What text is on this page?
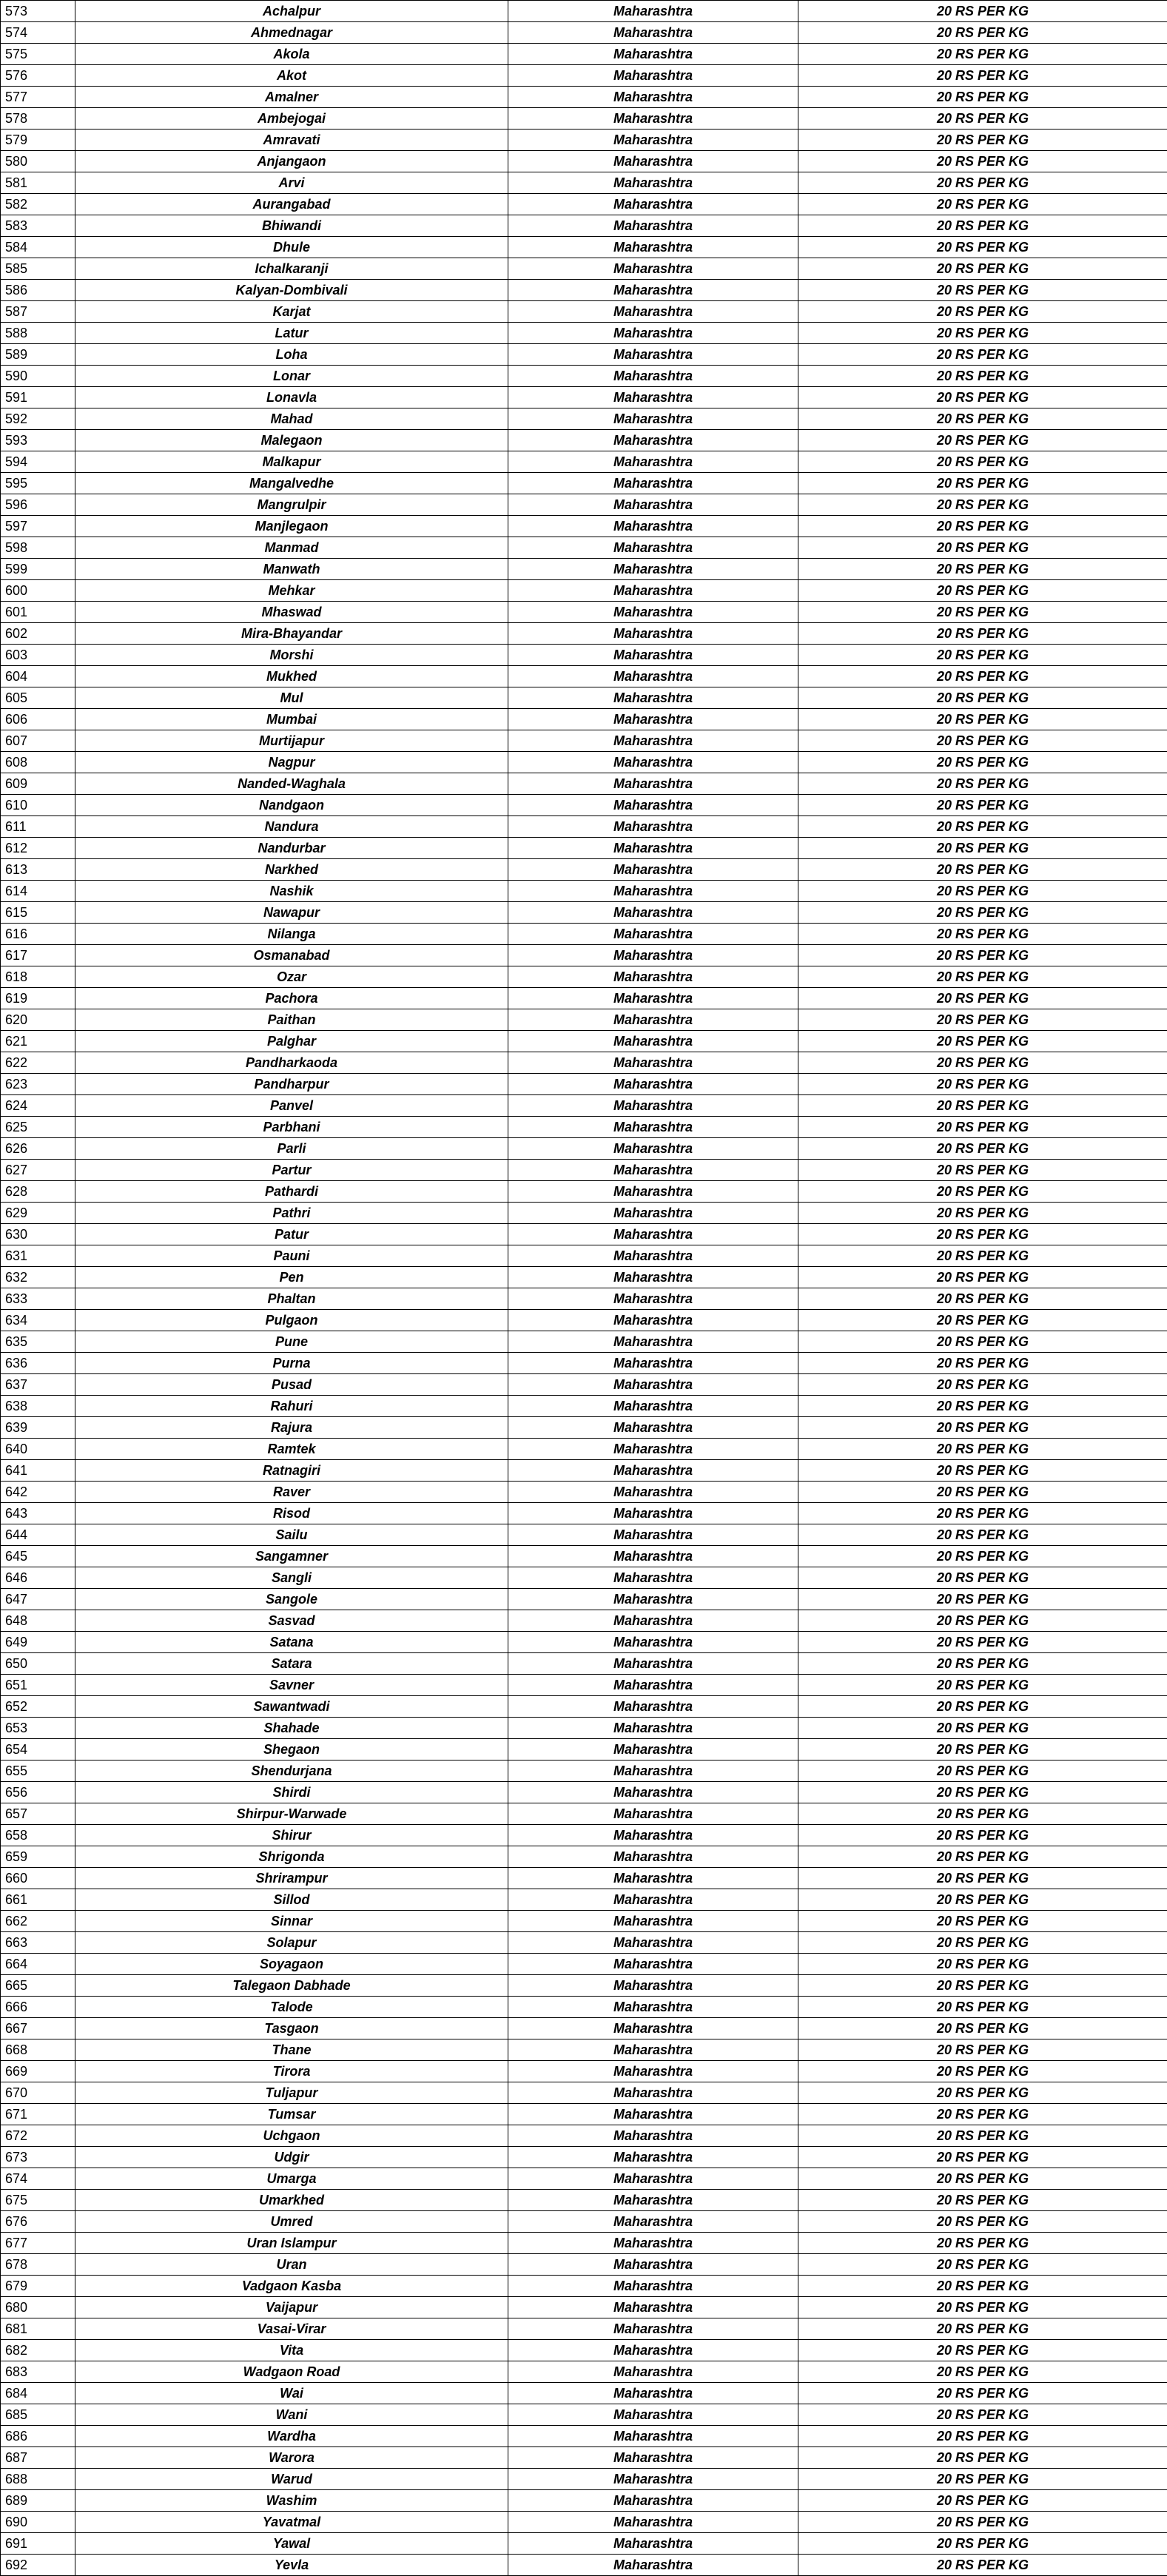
573	Achalpur	Maharashtra	20 RS PER KG
574	Ahmednagar	Maharashtra	20 RS PER KG
575	Akola	Maharashtra	20 RS PER KG
576	Akot	Maharashtra	20 RS PER KG
577	Amalner	Maharashtra	20 RS PER KG
578	Ambejogai	Maharashtra	20 RS PER KG
579	Amravati	Maharashtra	20 RS PER KG
580	Anjangaon	Maharashtra	20 RS PER KG
581	Arvi	Maharashtra	20 RS PER KG
582	Aurangabad	Maharashtra	20 RS PER KG
583	Bhiwandi	Maharashtra	20 RS PER KG
584	Dhule	Maharashtra	20 RS PER KG
585	Ichalkaranji	Maharashtra	20 RS PER KG
586	Kalyan-Dombivali	Maharashtra	20 RS PER KG
587	Karjat	Maharashtra	20 RS PER KG
588	Latur	Maharashtra	20 RS PER KG
589	Loha	Maharashtra	20 RS PER KG
590	Lonar	Maharashtra	20 RS PER KG
591	Lonavla	Maharashtra	20 RS PER KG
592	Mahad	Maharashtra	20 RS PER KG
593	Malegaon	Maharashtra	20 RS PER KG
594	Malkapur	Maharashtra	20 RS PER KG
595	Mangalvedhe	Maharashtra	20 RS PER KG
596	Mangrulpir	Maharashtra	20 RS PER KG
597	Manjlegaon	Maharashtra	20 RS PER KG
598	Manmad	Maharashtra	20 RS PER KG
599	Manwath	Maharashtra	20 RS PER KG
600	Mehkar	Maharashtra	20 RS PER KG
601	Mhaswad	Maharashtra	20 RS PER KG
602	Mira-Bhayandar	Maharashtra	20 RS PER KG
603	Morshi	Maharashtra	20 RS PER KG
604	Mukhed	Maharashtra	20 RS PER KG
605	Mul	Maharashtra	20 RS PER KG
606	Mumbai	Maharashtra	20 RS PER KG
607	Murtijapur	Maharashtra	20 RS PER KG
608	Nagpur	Maharashtra	20 RS PER KG
609	Nanded-Waghala	Maharashtra	20 RS PER KG
610	Nandgaon	Maharashtra	20 RS PER KG
611	Nandura	Maharashtra	20 RS PER KG
612	Nandurbar	Maharashtra	20 RS PER KG
613	Narkhed	Maharashtra	20 RS PER KG
614	Nashik	Maharashtra	20 RS PER KG
615	Nawapur	Maharashtra	20 RS PER KG
616	Nilanga	Maharashtra	20 RS PER KG
617	Osmanabad	Maharashtra	20 RS PER KG
618	Ozar	Maharashtra	20 RS PER KG
619	Pachora	Maharashtra	20 RS PER KG
620	Paithan	Maharashtra	20 RS PER KG
621	Palghar	Maharashtra	20 RS PER KG
622	Pandharkaoda	Maharashtra	20 RS PER KG
623	Pandharpur	Maharashtra	20 RS PER KG
624	Panvel	Maharashtra	20 RS PER KG
625	Parbhani	Maharashtra	20 RS PER KG
626	Parli	Maharashtra	20 RS PER KG
627	Partur	Maharashtra	20 RS PER KG
628	Pathardi	Maharashtra	20 RS PER KG
629	Pathri	Maharashtra	20 RS PER KG
630	Patur	Maharashtra	20 RS PER KG
631	Pauni	Maharashtra	20 RS PER KG
632	Pen	Maharashtra	20 RS PER KG
633	Phaltan	Maharashtra	20 RS PER KG
634	Pulgaon	Maharashtra	20 RS PER KG
635	Pune	Maharashtra	20 RS PER KG
636	Purna	Maharashtra	20 RS PER KG
637	Pusad	Maharashtra	20 RS PER KG
638	Rahuri	Maharashtra	20 RS PER KG
639	Rajura	Maharashtra	20 RS PER KG
640	Ramtek	Maharashtra	20 RS PER KG
641	Ratnagiri	Maharashtra	20 RS PER KG
642	Raver	Maharashtra	20 RS PER KG
643	Risod	Maharashtra	20 RS PER KG
644	Sailu	Maharashtra	20 RS PER KG
645	Sangamner	Maharashtra	20 RS PER KG
646	Sangli	Maharashtra	20 RS PER KG
647	Sangole	Maharashtra	20 RS PER KG
648	Sasvad	Maharashtra	20 RS PER KG
649	Satana	Maharashtra	20 RS PER KG
650	Satara	Maharashtra	20 RS PER KG
651	Savner	Maharashtra	20 RS PER KG
652	Sawantwadi	Maharashtra	20 RS PER KG
653	Shahade	Maharashtra	20 RS PER KG
654	Shegaon	Maharashtra	20 RS PER KG
655	Shendurjana	Maharashtra	20 RS PER KG
656	Shirdi	Maharashtra	20 RS PER KG
657	Shirpur-Warwade	Maharashtra	20 RS PER KG
658	Shirur	Maharashtra	20 RS PER KG
659	Shrigonda	Maharashtra	20 RS PER KG
660	Shrirampur	Maharashtra	20 RS PER KG
661	Sillod	Maharashtra	20 RS PER KG
662	Sinnar	Maharashtra	20 RS PER KG
663	Solapur	Maharashtra	20 RS PER KG
664	Soyagaon	Maharashtra	20 RS PER KG
665	Talegaon Dabhade	Maharashtra	20 RS PER KG
666	Talode	Maharashtra	20 RS PER KG
667	Tasgaon	Maharashtra	20 RS PER KG
668	Thane	Maharashtra	20 RS PER KG
669	Tirora	Maharashtra	20 RS PER KG
670	Tuljapur	Maharashtra	20 RS PER KG
671	Tumsar	Maharashtra	20 RS PER KG
672	Uchgaon	Maharashtra	20 RS PER KG
673	Udgir	Maharashtra	20 RS PER KG
674	Umarga	Maharashtra	20 RS PER KG
675	Umarkhed	Maharashtra	20 RS PER KG
676	Umred	Maharashtra	20 RS PER KG
677	Uran Islampur	Maharashtra	20 RS PER KG
678	Uran	Maharashtra	20 RS PER KG
679	Vadgaon Kasba	Maharashtra	20 RS PER KG
680	Vaijapur	Maharashtra	20 RS PER KG
681	Vasai-Virar	Maharashtra	20 RS PER KG
682	Vita	Maharashtra	20 RS PER KG
683	Wadgaon Road	Maharashtra	20 RS PER KG
684	Wai	Maharashtra	20 RS PER KG
685	Wani	Maharashtra	20 RS PER KG
686	Wardha	Maharashtra	20 RS PER KG
687	Warora	Maharashtra	20 RS PER KG
688	Warud	Maharashtra	20 RS PER KG
689	Washim	Maharashtra	20 RS PER KG
690	Yavatmal	Maharashtra	20 RS PER KG
691	Yawal	Maharashtra	20 RS PER KG
692	Yevla	Maharashtra	20 RS PER KG
